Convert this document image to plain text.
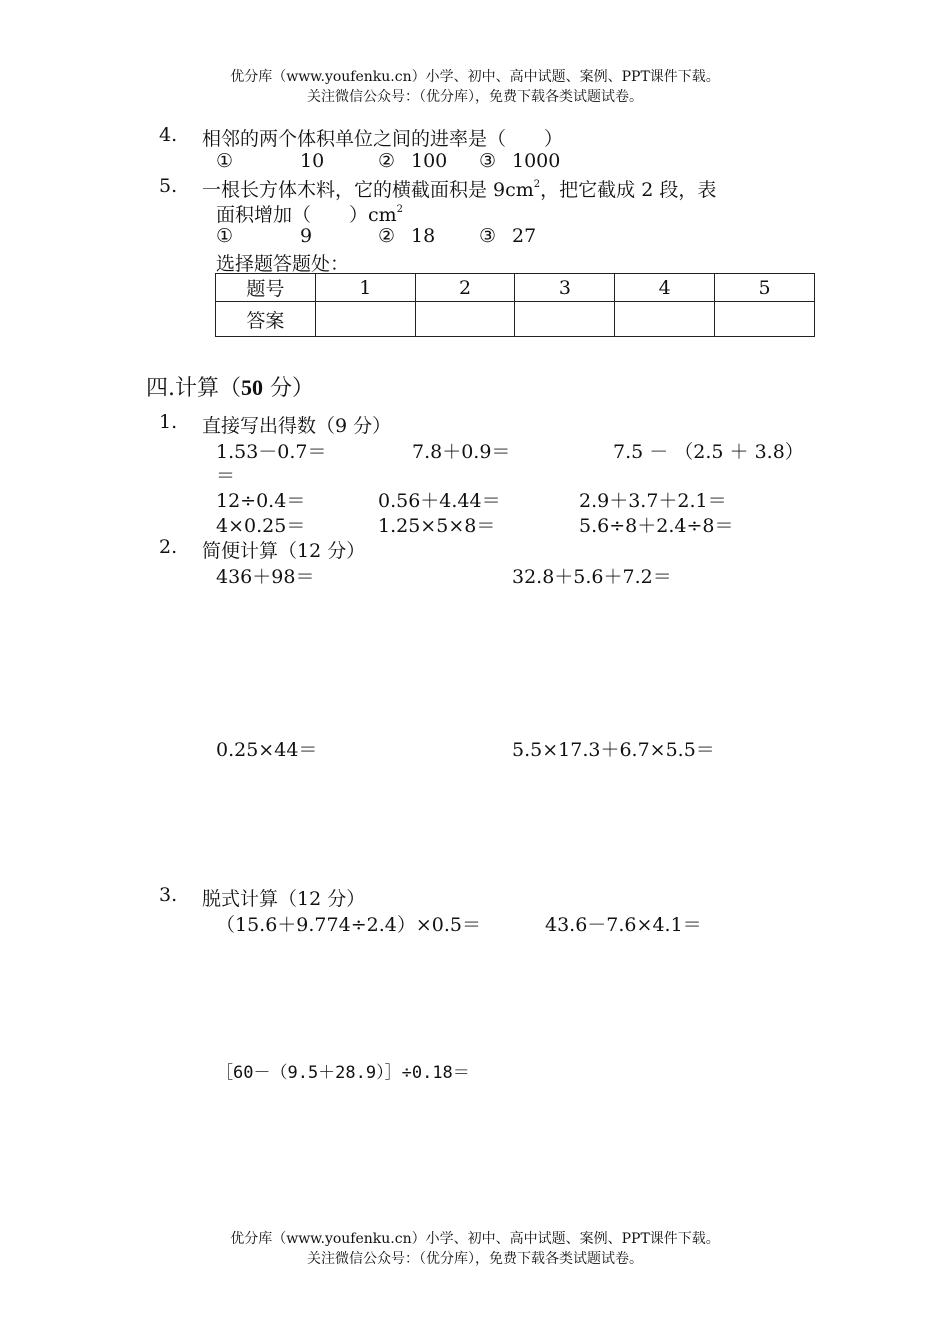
优分库（www.youfenku.cn）小学、初中、高中试题、案例、PPT课件下载。
关注微信公众号：（优分库），免费下载各类试题试卷。
4. 相邻的两个体积单位之间的进率是（　　）
①	10	② 100 ③ 1000
5. 一根长方体木料，它的横截面积是 $9cm^2$，把它截成 2 段，表
面积增加（　　）$cm^2$
①	9	② 18 ③ 27
选择题答题处：
题号	1	2	3	4	5
答案					
四.计算（50 分）
1. 直接写出得数（9 分）
1.53－0.7＝	7.8＋0.9＝	7.5 － （2.5 ＋ 3.8）
＝
12÷0.4＝	0.56＋4.44＝	2.9＋3.7＋2.1＝
4×0.25＝	1.25×5×8＝	5.6÷8＋2.4÷8＝
2. 简便计算（12 分）
436＋98＝	32.8＋5.6＋7.2＝
0.25×44＝	5.5×17.3＋6.7×5.5＝
3. 脱式计算（12 分）
（15.6＋9.774÷2.4）×0.5＝	43.6－7.6×4.1＝
［60－（9.5＋28.9）］÷0.18＝
优分库（www.youfenku.cn）小学、初中、高中试题、案例、PPT课件下载。
关注微信公众号：（优分库），免费下载各类试题试卷。
